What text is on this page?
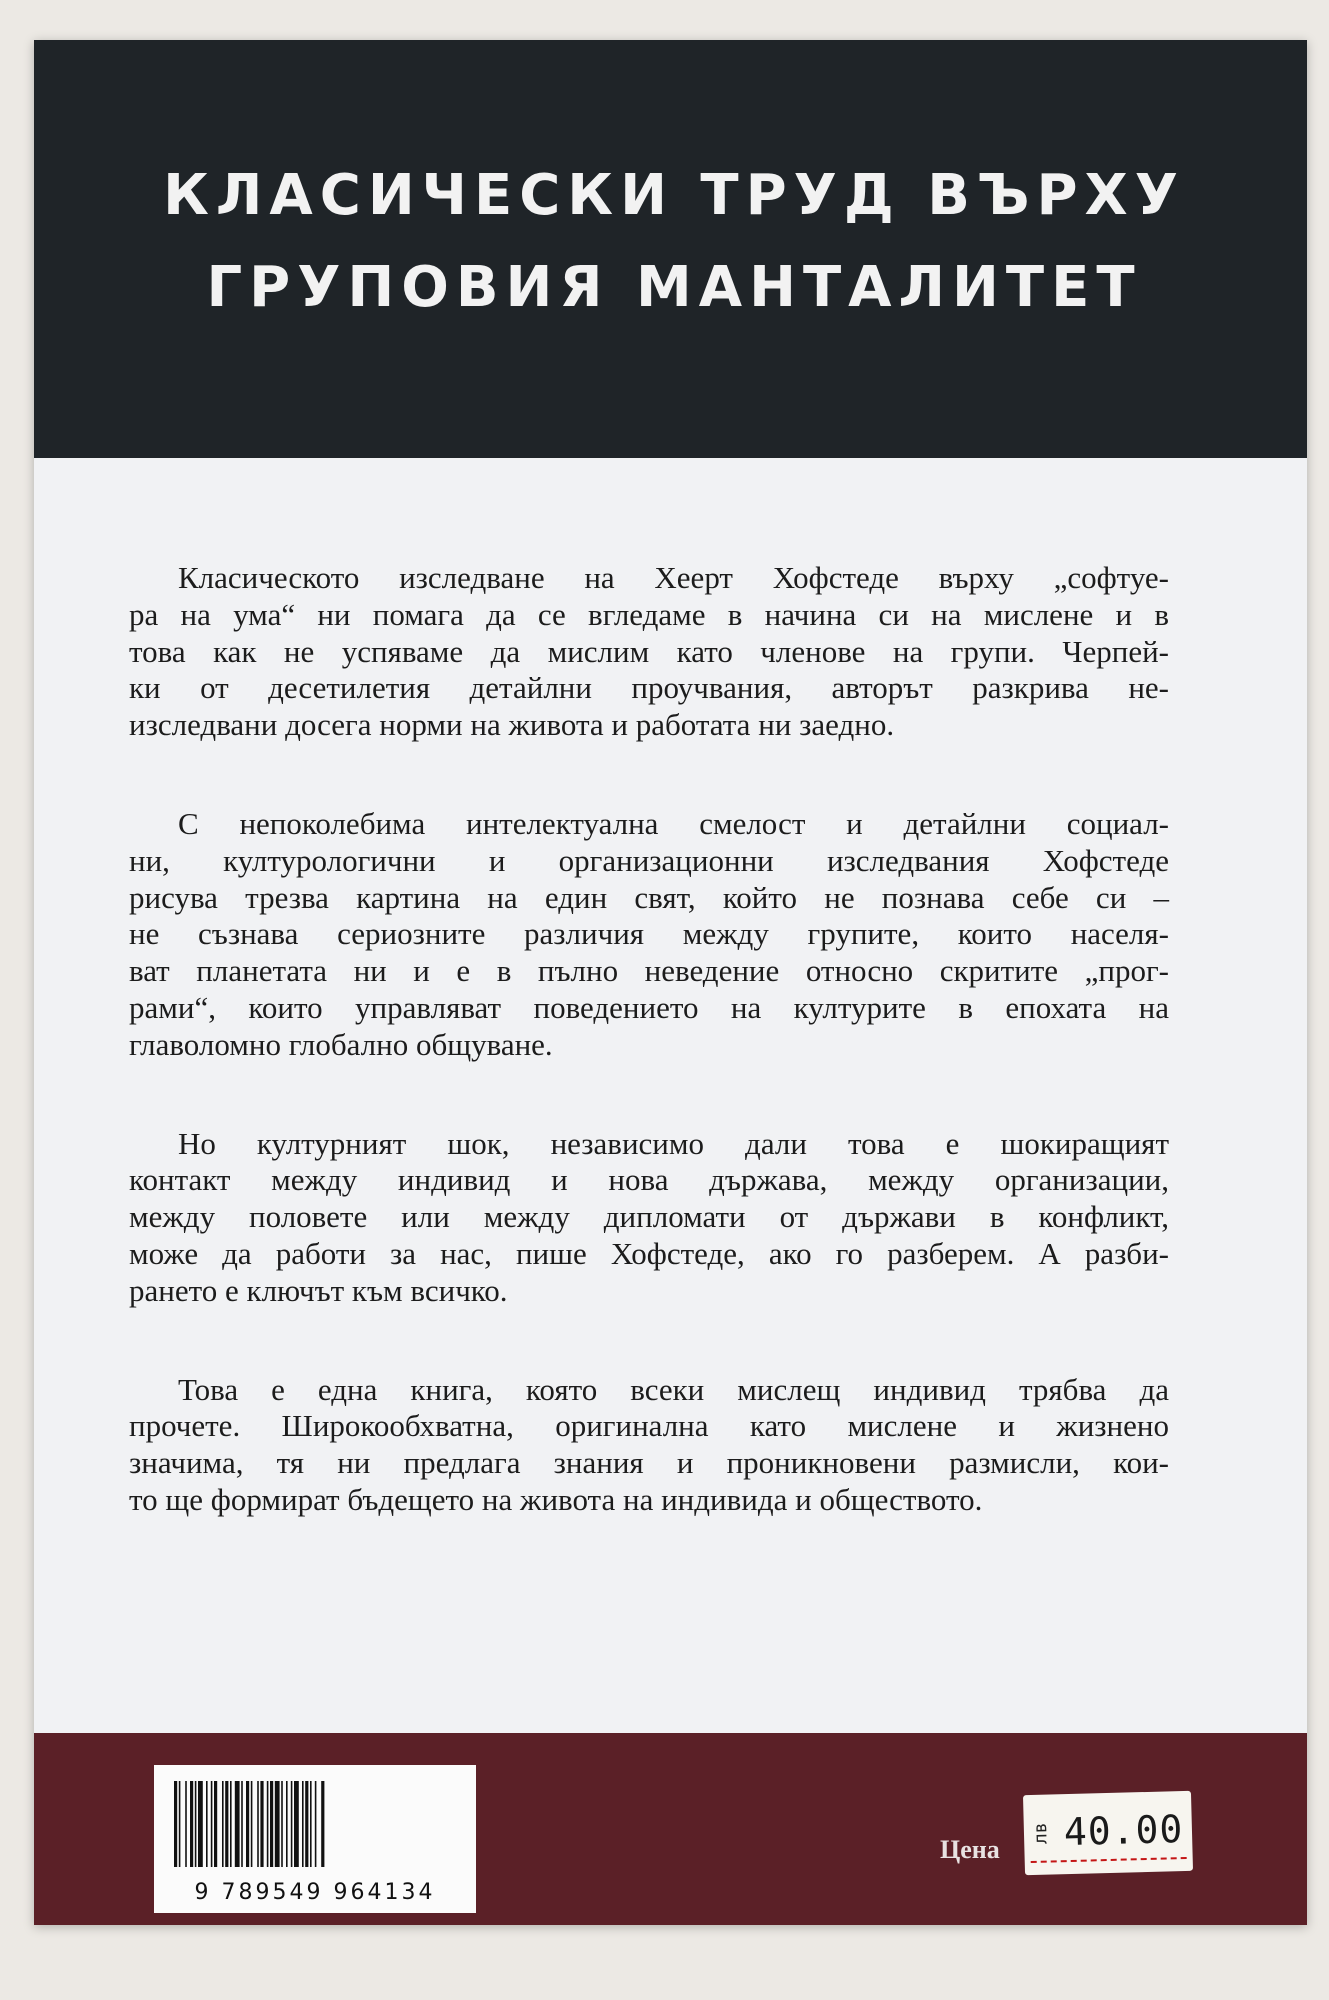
КЛАСИЧЕСКИ ТРУД ВЪРХУ
ГРУПОВИЯ МАНТАЛИТЕТ

Класическото изследване на Хеерт Хофстеде върху „софтуе-
ра на ума“ ни помага да се вгледаме в начина си на мислене и в
това как не успяваме да мислим като членове на групи. Черпей-
ки от десетилетия детайлни проучвания, авторът разкрива не-
изследвани досега норми на живота и работата ни заедно.

С непоколебима интелектуална смелост и детайлни социал-
ни, културологични и организационни изследвания Хофстеде
рисува трезва картина на един свят, който не познава себе си –
не съзнава сериозните различия между групите, които населя-
ват планетата ни и е в пълно неведение относно скритите „прог-
рами“, които управляват поведението на културите в епохата на
главоломно глобално общуване.

Но културният шок, независимо дали това е шокиращият
контакт между индивид и нова държава, между организации,
между половете или между дипломати от държави в конфликт,
може да работи за нас, пише Хофстеде, ако го разберем. А разби-
рането е ключът към всичко.

Това е една книга, която всеки мислещ индивид трябва да
прочете. Широкообхватна, оригинална като мислене и жизнено
значима, тя ни предлага знания и проникновени размисли, кои-
то ще формират бъдещето на живота на индивида и обществото.

9 789549 964134
Цена
лв 40.00
